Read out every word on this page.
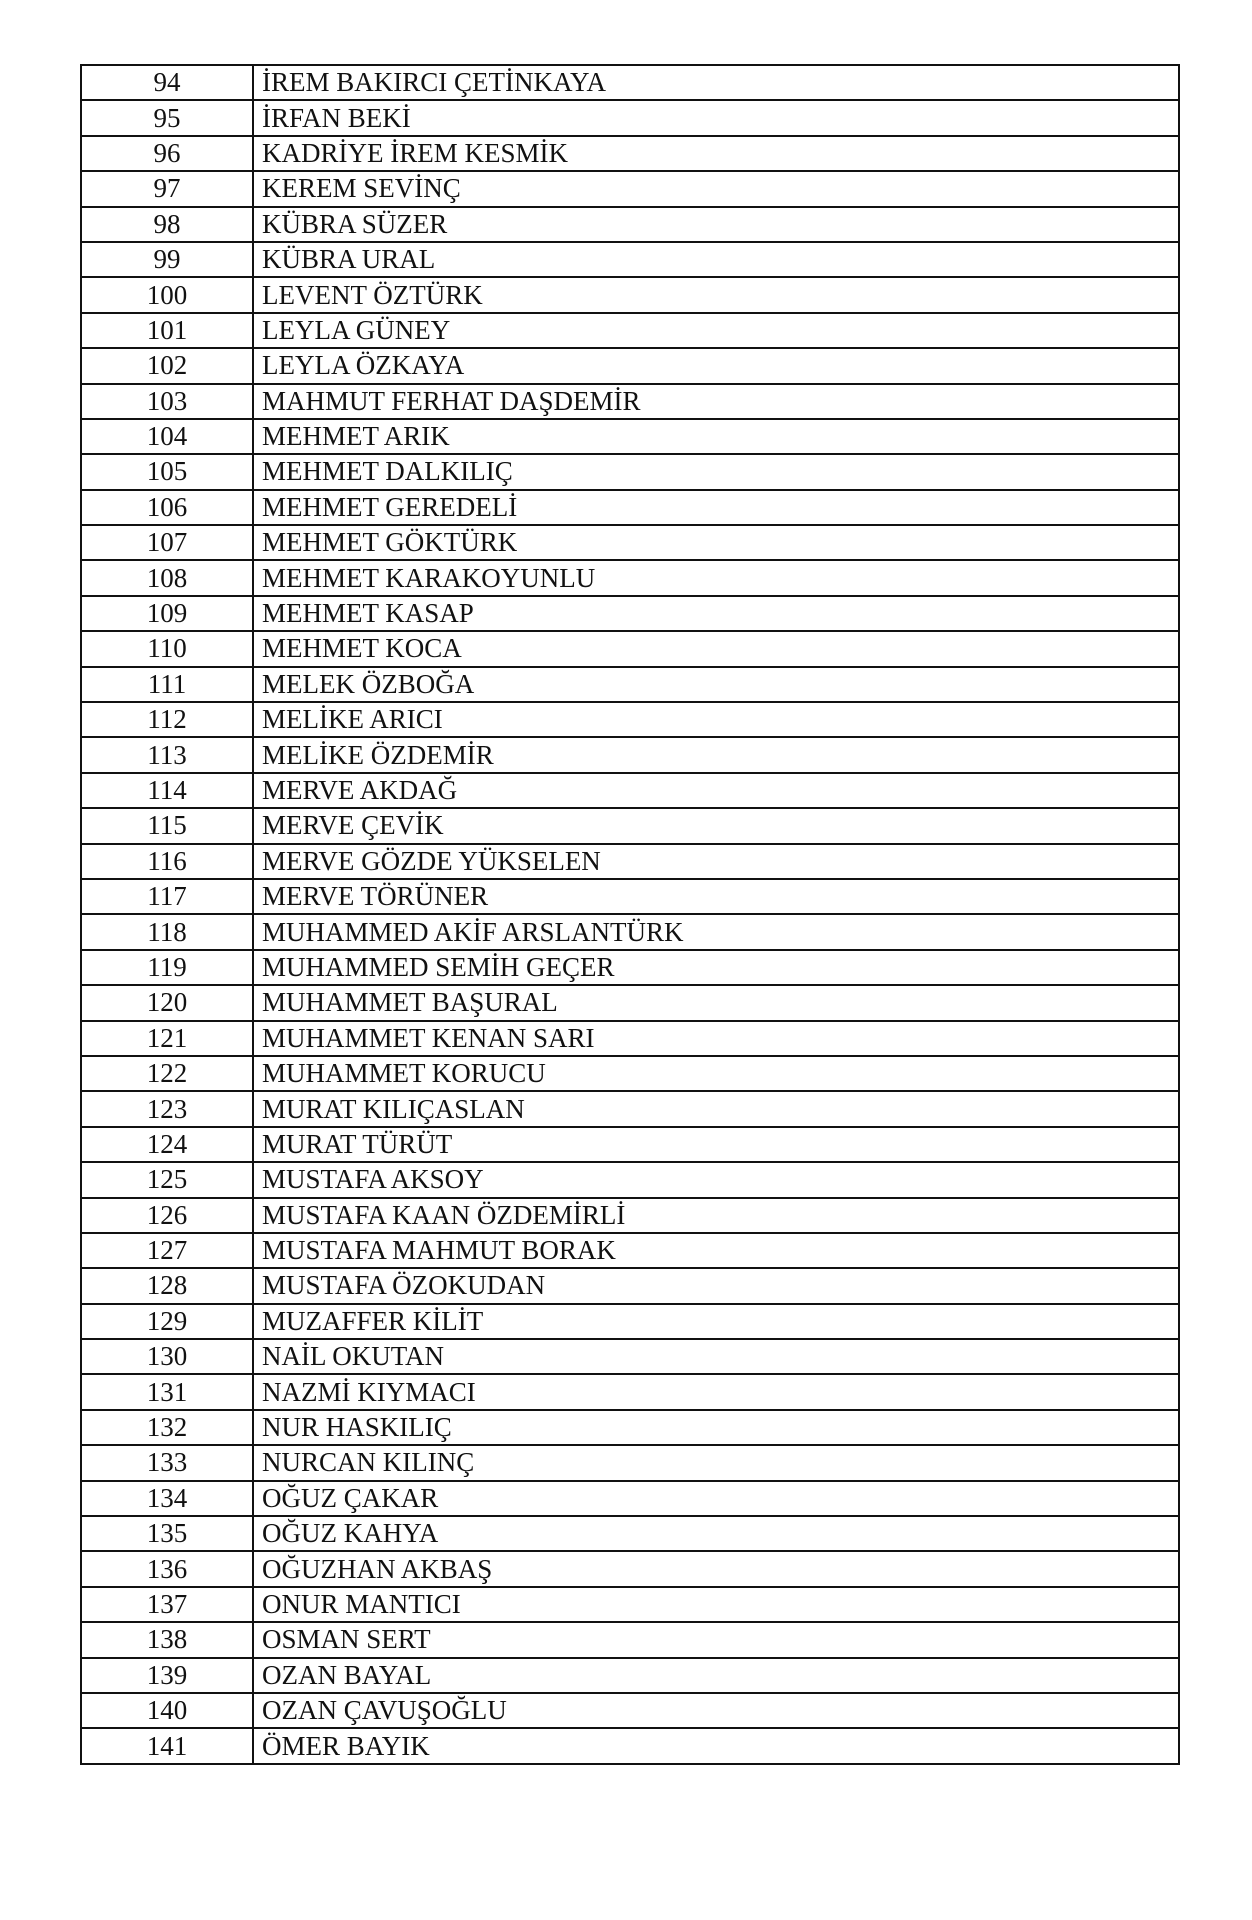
94	İREM BAKIRCI ÇETİNKAYA
95	İRFAN BEKİ
96	KADRİYE İREM KESMİK
97	KEREM SEVİNÇ
98	KÜBRA SÜZER
99	KÜBRA URAL
100	LEVENT ÖZTÜRK
101	LEYLA GÜNEY
102	LEYLA ÖZKAYA
103	MAHMUT FERHAT DAŞDEMİR
104	MEHMET ARIK
105	MEHMET DALKILIÇ
106	MEHMET GEREDELİ
107	MEHMET GÖKTÜRK
108	MEHMET KARAKOYUNLU
109	MEHMET KASAP
110	MEHMET KOCA
111	MELEK ÖZBOĞA
112	MELİKE ARICI
113	MELİKE ÖZDEMİR
114	MERVE AKDAĞ
115	MERVE ÇEVİK
116	MERVE GÖZDE YÜKSELEN
117	MERVE TÖRÜNER
118	MUHAMMED AKİF ARSLANTÜRK
119	MUHAMMED SEMİH GEÇER
120	MUHAMMET BAŞURAL
121	MUHAMMET KENAN SARI
122	MUHAMMET KORUCU
123	MURAT KILIÇASLAN
124	MURAT TÜRÜT
125	MUSTAFA AKSOY
126	MUSTAFA KAAN ÖZDEMİRLİ
127	MUSTAFA MAHMUT BORAK
128	MUSTAFA ÖZOKUDAN
129	MUZAFFER KİLİT
130	NAİL OKUTAN
131	NAZMİ KIYMACI
132	NUR HASKILIÇ
133	NURCAN KILINÇ
134	OĞUZ ÇAKAR
135	OĞUZ KAHYA
136	OĞUZHAN AKBAŞ
137	ONUR MANTICI
138	OSMAN SERT
139	OZAN BAYAL
140	OZAN ÇAVUŞOĞLU
141	ÖMER BAYIK
